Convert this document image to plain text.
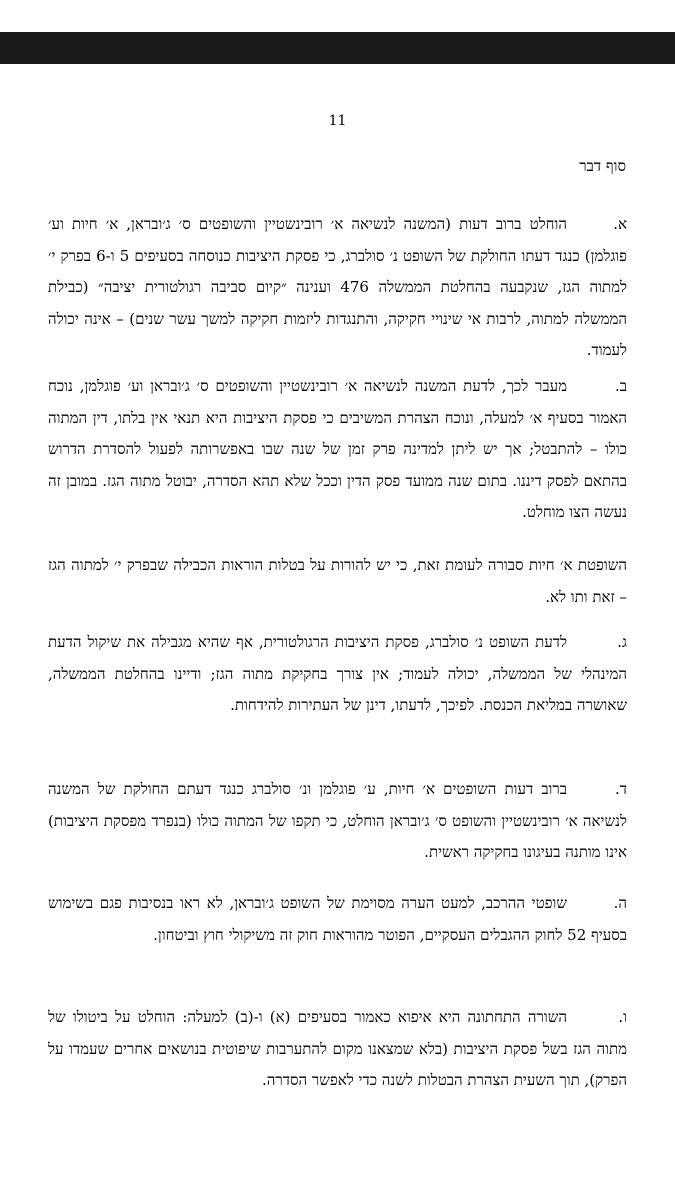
11
סוף דבר

א.הוחלט ברוב דעות (המשנה לנשיאה א׳ רובינשטיין והשופטים ס׳ ג׳ובראן, א׳ חיות וע׳ פוגלמן) כנגד דעתו החולקת של השופט נ׳ סולברג, כי פסקת היציבות כנוסחה בסעיפים 5 ו-6 בפרק י׳ למתוה הגז, שנקבעה בהחלטת הממשלה 476 וענינה ״קיום סביבה רגולטורית יציבה״ (כבילת הממשלה למתוה, לרבות אי שינויי חקיקה, והתנגדות ליזמות חקיקה למשך עשר שנים) – אינה יכולה לעמוד.

ב.מעבר לכך, לדעת המשנה לנשיאה א׳ רובינשטיין והשופטים ס׳ ג׳ובראן וע׳ פוגלמן, נוכח האמור בסעיף א׳ למעלה, ונוכח הצהרת המשיבים כי פסקת היציבות היא תנאי אין בלתו, דין המתוה כולו – להתבטל; אך יש ליתן למדינה פרק זמן של שנה שבו באפשרותה לפעול להסדרת הדרוש בהתאם לפסק דיננו. בתום שנה ממועד פסק הדין וככל שלא תהא הסדרה, יבוטל מתוה הגז. במובן זה נעשה הצו מוחלט.

השופטת א׳ חיות סבורה לעומת זאת, כי יש להורות על בטלות הוראות הכבילה שבפרק י׳ למתוה הגז – זאת ותו לא.

ג.לדעת השופט נ׳ סולברג, פסקת היציבות הרגולטורית, אף שהיא מגבילה את שיקול הדעת המינהלי של הממשלה, יכולה לעמוד; אין צורך בחקיקת מתוה הגז; ודיינו בהחלטת הממשלה, שאושרה במליאת הכנסת. לפיכך, לדעתו, דינן של העתירות להידחות.

ד.ברוב דעות השופטים א׳ חיות, ע׳ פוגלמן ונ׳ סולברג כנגד דעתם החולקת של המשנה לנשיאה א׳ רובינשטיין והשופט ס׳ ג׳ובראן הוחלט, כי תקפו של המתוה כולו (בנפרד מפסקת היציבות) אינו מותנה בעיגונו בחקיקה ראשית.

ה.שופטי ההרכב, למעט הערה מסוימת של השופט ג׳ובראן, לא ראו בנסיבות פגם בשימוש בסעיף 52 לחוק ההגבלים העסקיים, הפוטר מהוראות חוק זה משיקולי חוץ וביטחון.

ו.השורה התחתונה היא איפוא כאמור בסעיפים (א) ו-(ב) למעלה: הוחלט על ביטולו של מתוה הגז בשל פסקת היציבות (בלא שמצאנו מקום להתערבות שיפוטית בנושאים אחרים שעמדו על הפרק), תוך השעית הצהרת הבטלות לשנה כדי לאפשר הסדרה.
